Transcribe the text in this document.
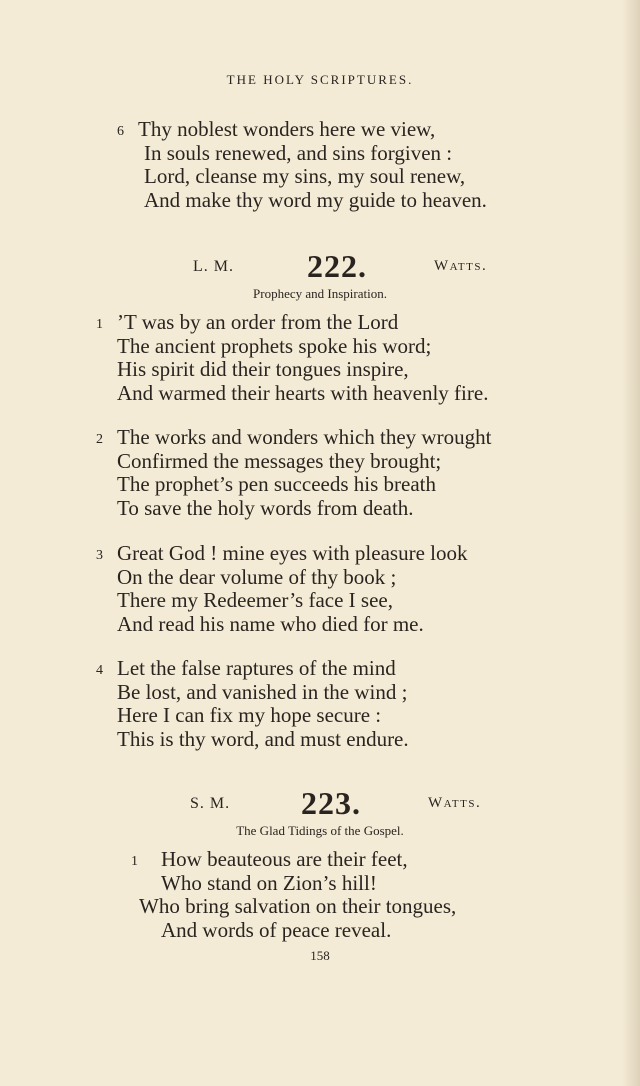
THE HOLY SCRIPTURES.
6 Thy noblest wonders here we view,
In souls renewed, and sins forgiven :
Lord, cleanse my sins, my soul renew,
And make thy word my guide to heaven.
L. M. 222.	Watts.
Prophecy and Inspiration.
1 ’T was by an order from the Lord
The ancient prophets spoke his word;
His spirit did their tongues inspire,
And warmed their hearts with heavenly fire.
2 The works and wonders which they wrought
Confirmed the messages they brought;
The prophet’s pen succeeds his breath
To save the holy words from death.
3 Great God ! mine eyes with pleasure look
On the dear volume of thy book ;
There my Redeemer’s face I see,
And read his name who died for me.
4 Let the false raptures of the mind
Be lost, and vanished in the wind ;
Here I can fix my hope secure :
This is thy word, and must endure.
S. M. 223.	Watts.
The Glad Tidings of the Gospel.
1	How beauteous are their feet,
Who stand on Zion’s hill!
Who bring salvation on their tongues,
And words of peace reveal.
158
